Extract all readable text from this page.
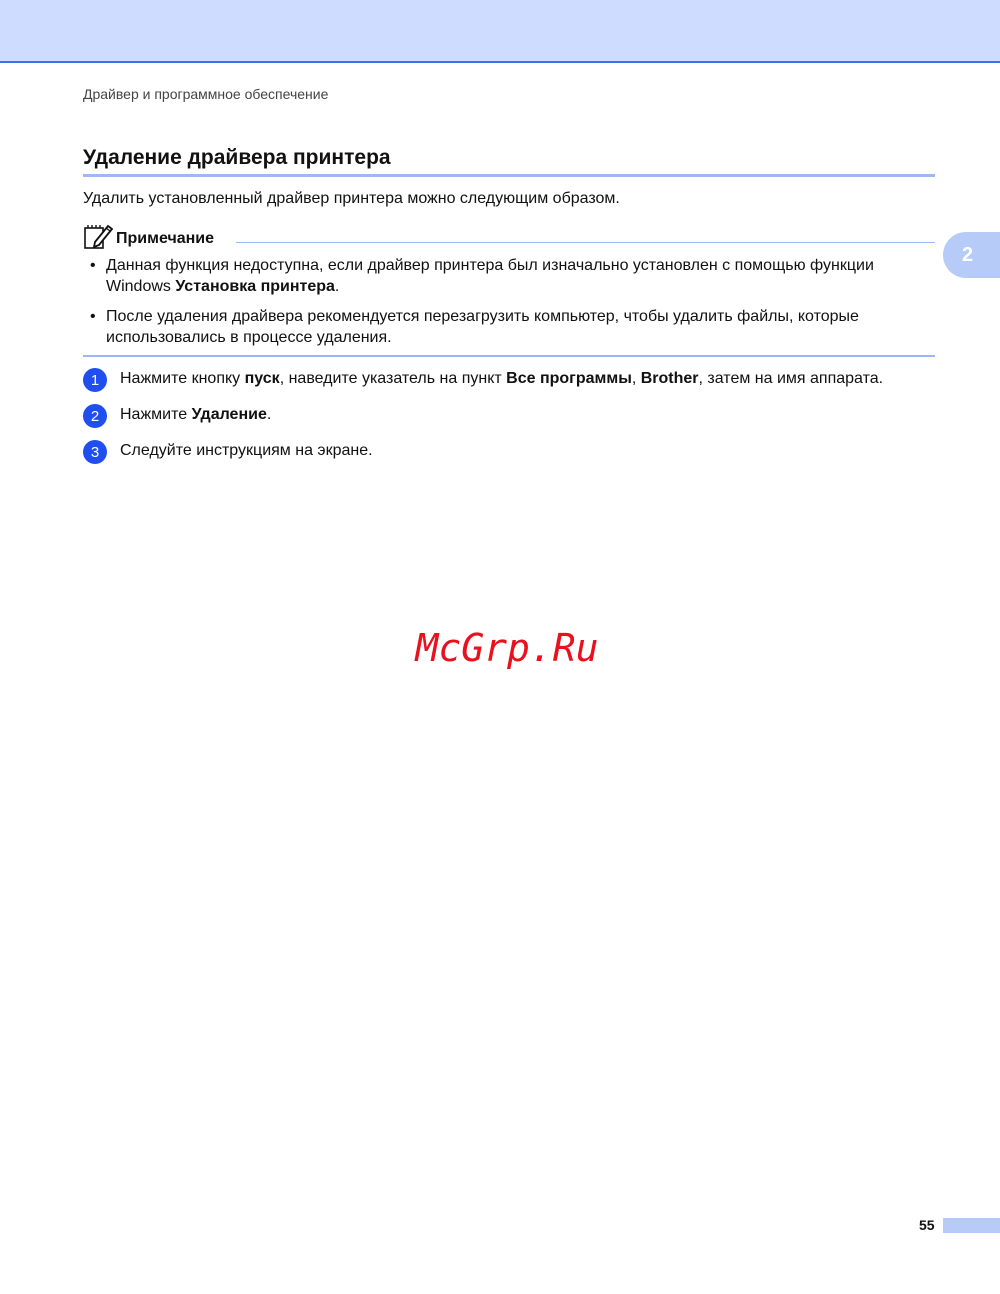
Драйвер и программное обеспечение
Удаление драйвера принтера
Удалить установленный драйвер принтера можно следующим образом.
Примечание
• Данная функция недоступна, если драйвер принтера был изначально установлен с помощью функции Windows Установка принтера.
• После удаления драйвера рекомендуется перезагрузить компьютер, чтобы удалить файлы, которые использовались в процессе удаления.
2
1	Нажмите кнопку пуск, наведите указатель на пункт Все программы, Brother, затем на имя аппарата.
2	Нажмите Удаление.
3	Следуйте инструкциям на экране.
McGrp.Ru
55
